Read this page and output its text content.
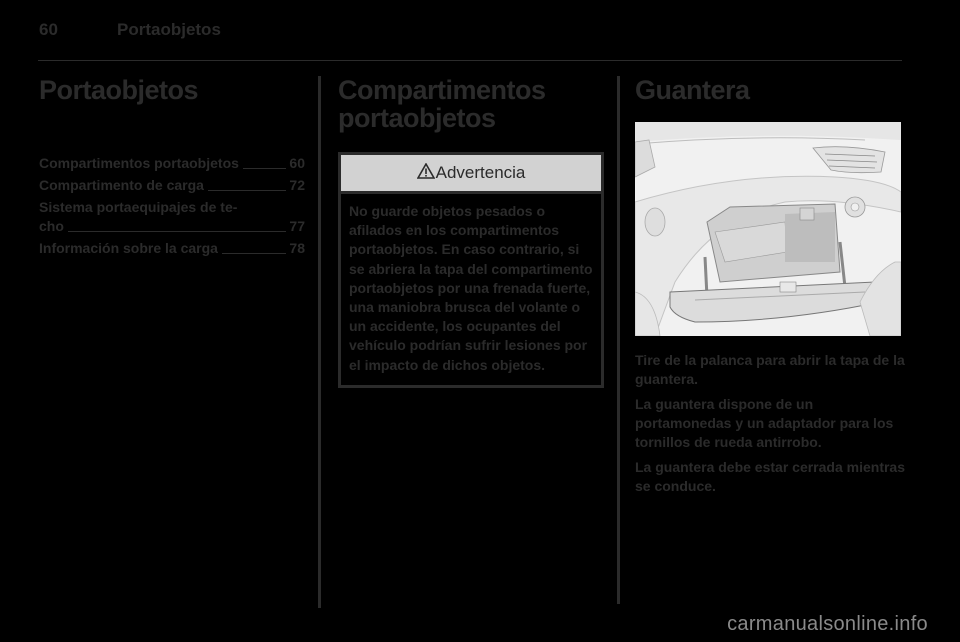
60	Portaobjetos
Portaobjetos
Compartimentos portaobjetos	60
Compartimento de carga	72
Sistema portaequipajes de te-
cho	77
Información sobre la carga	78
Compartimentos
portaobjetos
Advertencia
No guarde objetos pesados o afilados en los compartimentos portaobjetos. En caso contrario, si se abriera la tapa del compartimento portaobjetos por una frenada fuerte, una maniobra brusca del volante o un accidente, los ocupantes del vehículo podrían sufrir lesiones por el impacto de dichos objetos.
Guantera

Tire de la palanca para abrir la tapa de la guantera.

La guantera dispone de un portamonedas y un adaptador para los tornillos de rueda antirrobo.

La guantera debe estar cerrada mientras se conduce.

carmanualsonline.info
